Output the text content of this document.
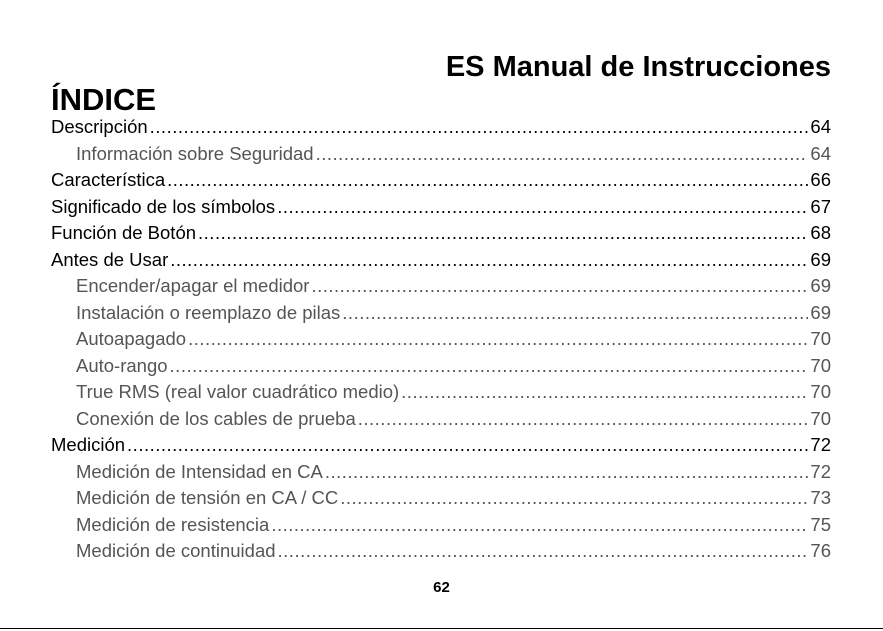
ES Manual de Instrucciones
ÍNDICE
Descripción .....	64
Información sobre Seguridad .....	64
Característica .....	66
Significado de los símbolos .....	67
Función de Botón .....	68
Antes de Usar .....	69
Encender/apagar el medidor .....	69
Instalación o reemplazo de pilas .....	69
Autoapagado .....	70
Auto-rango .....	70
True RMS (real valor cuadrático medio) .....	70
Conexión de los cables de prueba .....	70
Medición .....	72
Medición de Intensidad en CA .....	72
Medición de tensión en CA / CC .....	73
Medición de resistencia .....	75
Medición de continuidad .....	76
62
